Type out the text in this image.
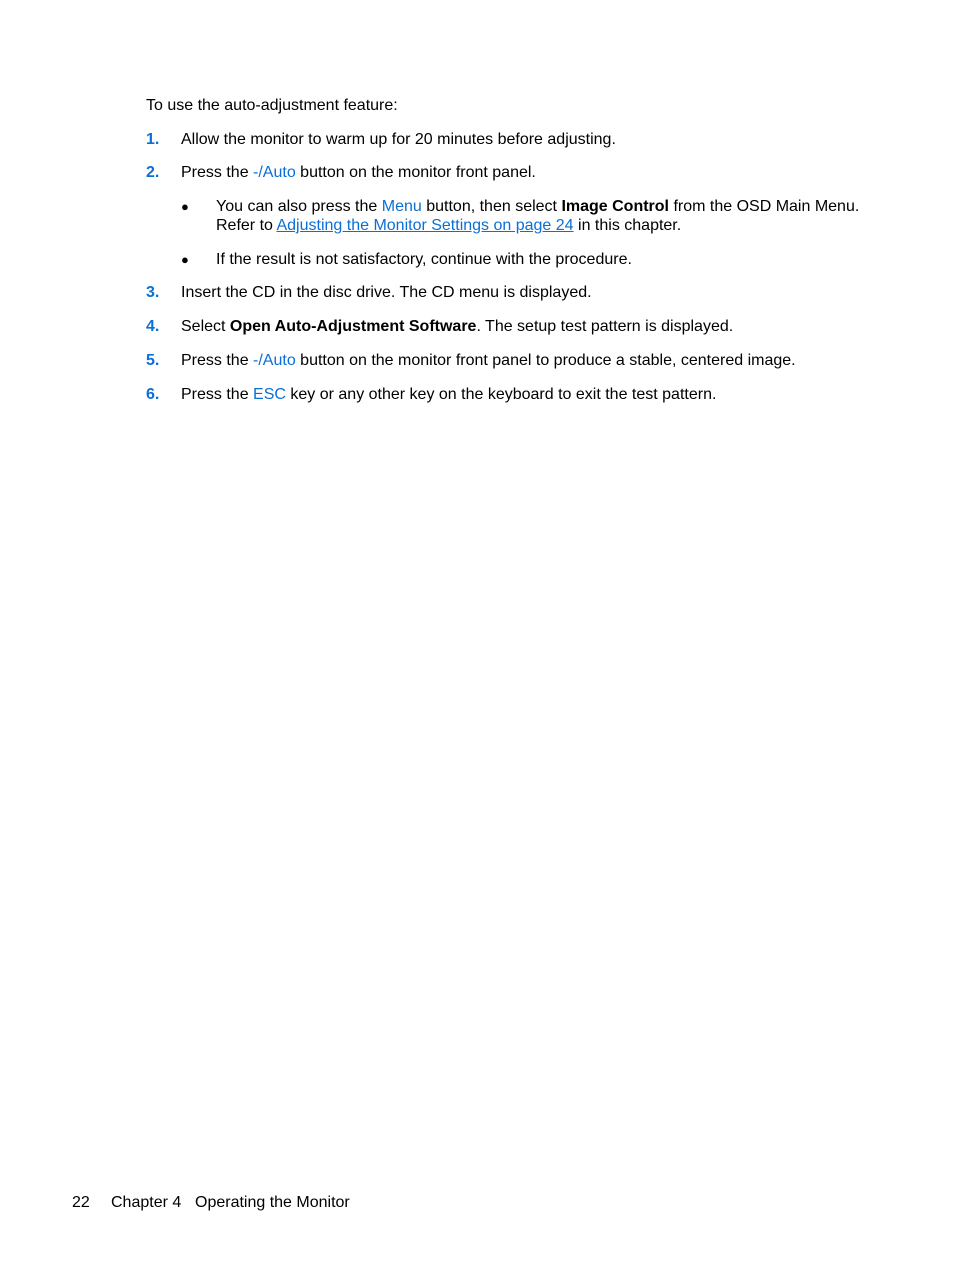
To use the auto-adjustment feature:
1. Allow the monitor to warm up for 20 minutes before adjusting.
2. Press the -/Auto button on the monitor front panel.
● You can also press the Menu button, then select Image Control from the OSD Main Menu.
Refer to Adjusting the Monitor Settings on page 24 in this chapter.
● If the result is not satisfactory, continue with the procedure.
3. Insert the CD in the disc drive. The CD menu is displayed.
4. Select Open Auto-Adjustment Software. The setup test pattern is displayed.
5. Press the -/Auto button on the monitor front panel to produce a stable, centered image.
6. Press the ESC key or any other key on the keyboard to exit the test pattern.
22 Chapter 4 Operating the Monitor
